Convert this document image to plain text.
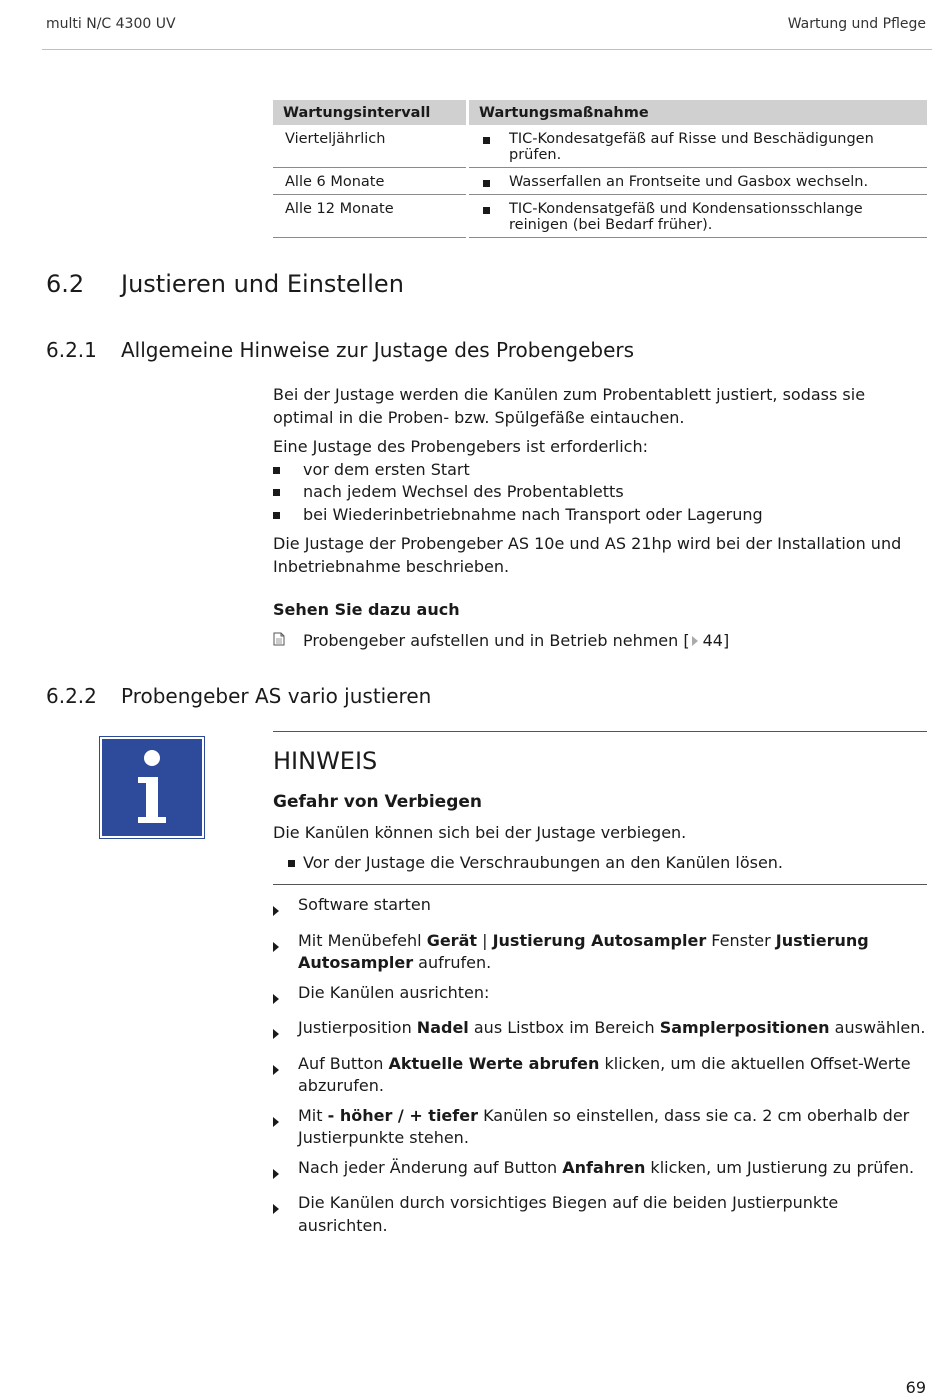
multi N/C 4300 UV	Wartung und Pflege
Wartungsintervall	Wartungsmaßnahme
Vierteljährlich	TIC-Kondesatgefäß auf Risse und Beschädigungen prüfen.
Alle 6 Monate	Wasserfallen an Frontseite und Gasbox wechseln.
Alle 12 Monate	TIC-Kondensatgefäß und Kondensationsschlange reinigen (bei Bedarf früher).
6.2 Justieren und Einstellen
6.2.1 Allgemeine Hinweise zur Justage des Probengebers

Bei der Justage werden die Kanülen zum Probentablett justiert, sodass sie optimal in die Proben- bzw. Spülgefäße eintauchen.

Eine Justage des Probengebers ist erforderlich:

vor dem ersten Start
nach jedem Wechsel des Probentabletts
bei Wiederinbetriebnahme nach Transport oder Lagerung

Die Justage der Probengeber AS 10e und AS 21hp wird bei der Installation und Inbetriebnahme beschrieben.

Sehen Sie dazu auch

Probengeber aufstellen und in Betrieb nehmen [ 44]
6.2.2 Probengeber AS vario justieren
HINWEIS
Gefahr von Verbiegen
Die Kanülen können sich bei der Justage verbiegen.
Vor der Justage die Verschraubungen an den Kanülen lösen.
Software starten
Mit Menübefehl Gerät | Justierung Autosampler Fenster Justierung Autosampler aufrufen.
Die Kanülen ausrichten:
Justierposition Nadel aus Listbox im Bereich Samplerpositionen auswählen.
Auf Button Aktuelle Werte abrufen klicken, um die aktuellen Offset-Werte abzurufen.
Mit - höher / + tiefer Kanülen so einstellen, dass sie ca. 2 cm oberhalb der Justierpunkte stehen.
Nach jeder Änderung auf Button Anfahren klicken, um Justierung zu prüfen.
Die Kanülen durch vorsichtiges Biegen auf die beiden Justierpunkte ausrichten.
69
